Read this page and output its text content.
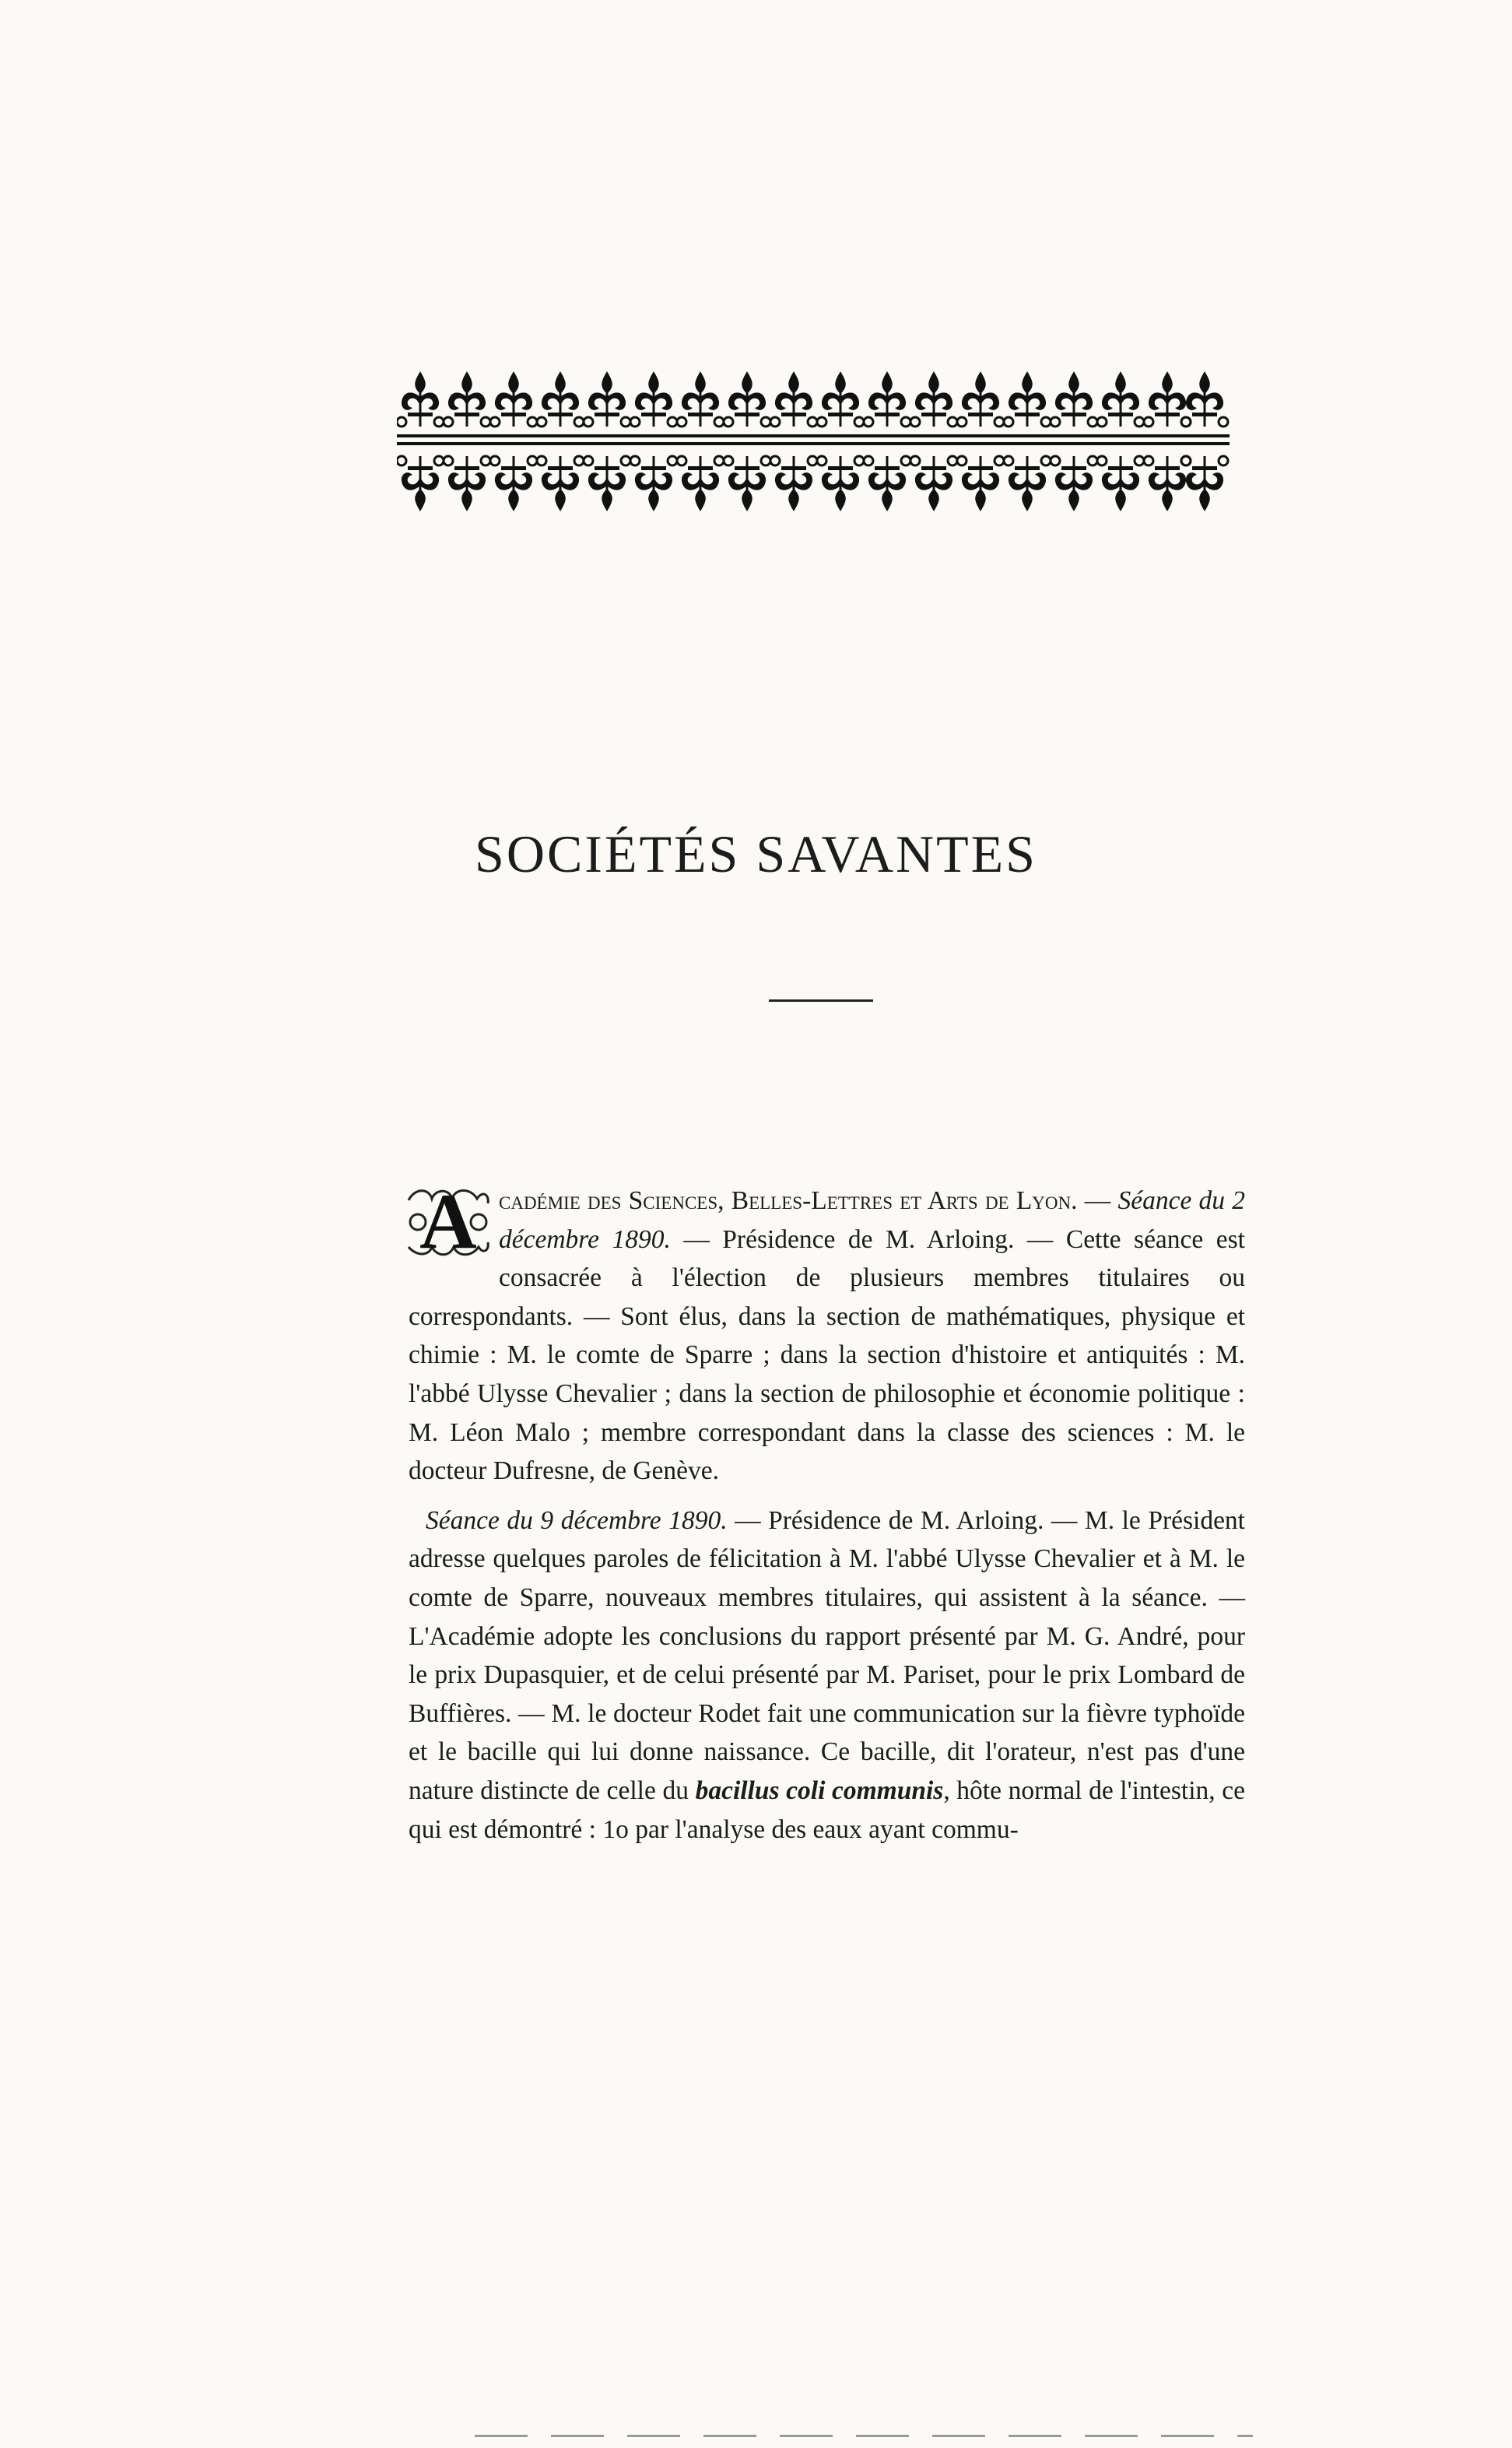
SOCIÉTÉS SAVANTES

A cadémie des Sciences, Belles-Lettres et Arts de Lyon. — Séance du 2 décembre 1890. — Présidence de M. Arloing. — Cette séance est consacrée à l'élection de plusieurs membres titulaires ou correspondants. — Sont élus, dans la section de mathématiques, physique et chimie : M. le comte de Sparre ; dans la section d'histoire et antiquités : M. l'abbé Ulysse Chevalier ; dans la section de philosophie et économie politique : M. Léon Malo ; membre correspondant dans la classe des sciences : M. le docteur Dufresne, de Genève.

Séance du 9 décembre 1890. — Présidence de M. Arloing. — M. le Président adresse quelques paroles de félicitation à M. l'abbé Ulysse Chevalier et à M. le comte de Sparre, nouveaux membres titulaires, qui assistent à la séance. — L'Académie adopte les conclusions du rapport présenté par M. G. André, pour le prix Dupasquier, et de celui présenté par M. Pariset, pour le prix Lombard de Buffières. — M. le docteur Rodet fait une communication sur la fièvre typhoïde et le bacille qui lui donne naissance. Ce bacille, dit l'orateur, n'est pas d'une nature distincte de celle du bacillus coli communis, hôte normal de l'intestin, ce qui est démontré : 1o par l'analyse des eaux ayant commu-
